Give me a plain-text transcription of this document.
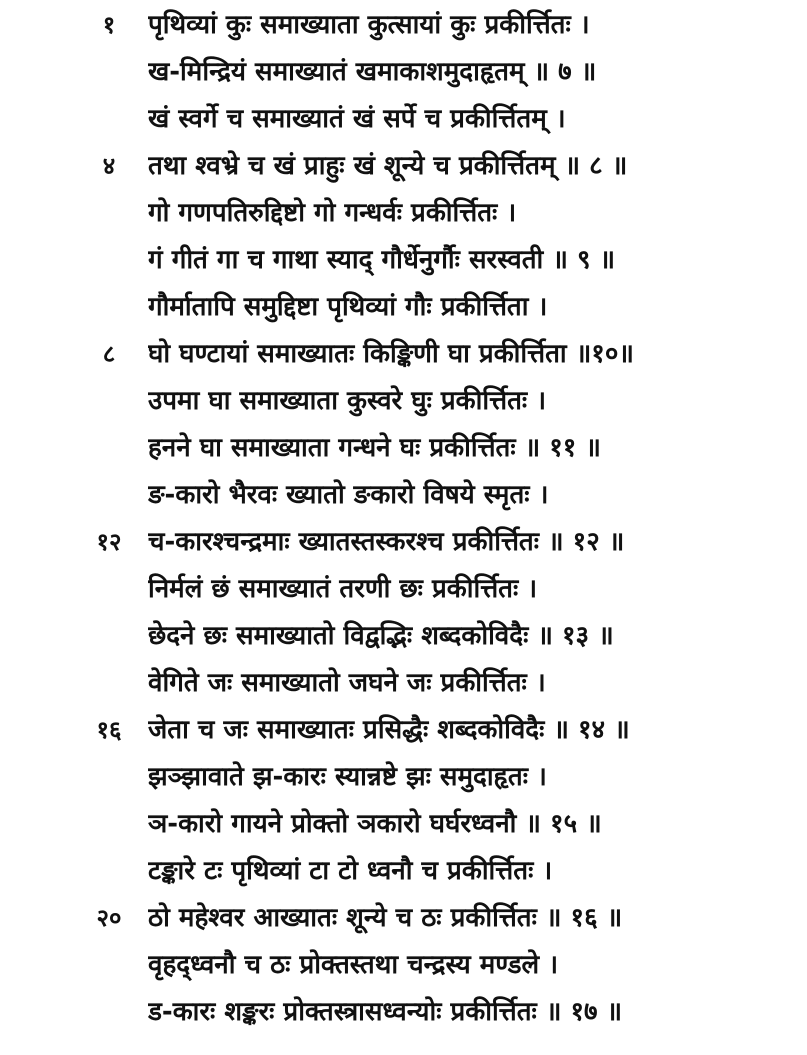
१	पृथिव्यां कुः समाख्याता कुत्सायां कुः प्रकीर्त्तितः ।
ख-मिन्द्रियं समाख्यातं खमाकाशमुदाहृतम् ॥ ७ ॥
खं स्वर्गे च समाख्यातं खं सर्पे च प्रकीर्त्तितम् ।
४	तथा श्वभ्रे च खं प्राहुः खं शून्ये च प्रकीर्त्तितम् ॥ ८ ॥
गो गणपतिरुद्दिष्टो गो गन्धर्वः प्रकीर्त्तितः ।
गं गीतं गा च गाथा स्याद् गौर्धेनुर्गौः सरस्वती ॥ ९ ॥
गौर्मातापि समुद्दिष्टा पृथिव्यां गौः प्रकीर्त्तिता ।
८	घो घण्टायां समाख्यातः किङ्किणी घा प्रकीर्त्तिता ॥१०॥
उपमा घा समाख्याता कुस्वरे घुः प्रकीर्त्तितः ।
हनने घा समाख्याता गन्धने घः प्रकीर्त्तितः ॥ ११ ॥
ङ-कारो भैरवः ख्यातो ङकारो विषये स्मृतः ।
१२	च-कारश्चन्द्रमाः ख्यातस्तस्करश्च प्रकीर्त्तितः ॥ १२ ॥
निर्मलं छं समाख्यातं तरणी छः प्रकीर्त्तितः ।
छेदने छः समाख्यातो विद्वद्भिः शब्दकोविदैः ॥ १३ ॥
वेगिते जः समाख्यातो जघने जः प्रकीर्त्तितः ।
१६	जेता च जः समाख्यातः प्रसिद्धैः शब्दकोविदैः ॥ १४ ॥
झञ्झावाते झ-कारः स्यान्नष्टे झः समुदाहृतः ।
ञ-कारो गायने प्रोक्तो ञकारो घर्घरध्वनौ ॥ १५ ॥
टङ्कारे टः पृथिव्यां टा टो ध्वनौ च प्रकीर्त्तितः ।
२०	ठो महेश्वर आख्यातः शून्ये च ठः प्रकीर्त्तितः ॥ १६ ॥
वृहद्ध्वनौ च ठः प्रोक्तस्तथा चन्द्रस्य मण्डले ।
ड-कारः शङ्करः प्रोक्तस्त्रासध्वन्योः प्रकीर्त्तितः ॥ १७ ॥
